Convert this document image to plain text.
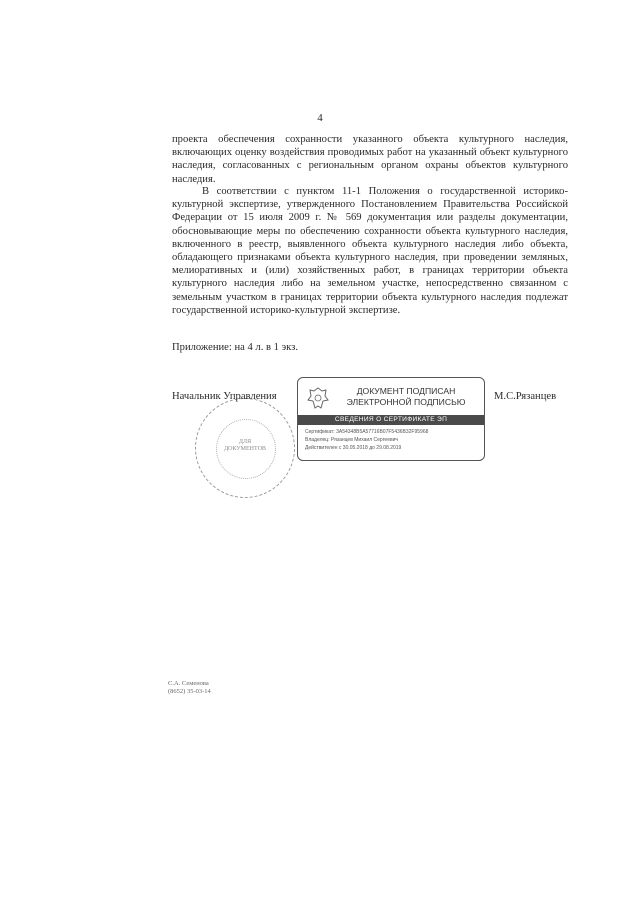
4
проекта обеспечения сохранности указанного объекта культурного наследия, включающих оценку воздействия проводимых работ на указанный объект культурного наследия, согласованных с региональным органом охраны объектов культурного наследия.
В соответствии с пунктом 11-1 Положения о государственной историко-культурной экспертизе, утвержденного Постановлением Правительства Российской Федерации от 15 июля 2009 г. № 569 документация или разделы документации, обосновывающие меры по обеспечению сохранности объекта культурного наследия, включенного в реестр, выявленного объекта культурного наследия либо объекта, обладающего признаками объекта культурного наследия, при проведении земляных, мелиоративных и (или) хозяйственных работ, в границах территории объекта культурного наследия либо на земельном участке, непосредственно связанном с земельным участком в границах территории объекта культурного наследия подлежат государственной историко-культурной экспертизе.
Приложение: на 4 л. в 1 экз.
ДЛЯ ДОКУМЕНТОВ
Начальник Управления	М.С.Рязанцев
ДОКУМЕНТ ПОДПИСАН
ЭЛЕКТРОННОЙ ПОДПИСЬЮ
СВЕДЕНИЯ О СЕРТИФИКАТЕ ЭП
Сертификат: 3A54348B5A57716B07F5436B32F95968
Владелец: Рязанцев Михаил Сергеевич
Действителен с 30.05.2018 до 29.08.2019
С.А. Семенова
(8652) 35-03-14
